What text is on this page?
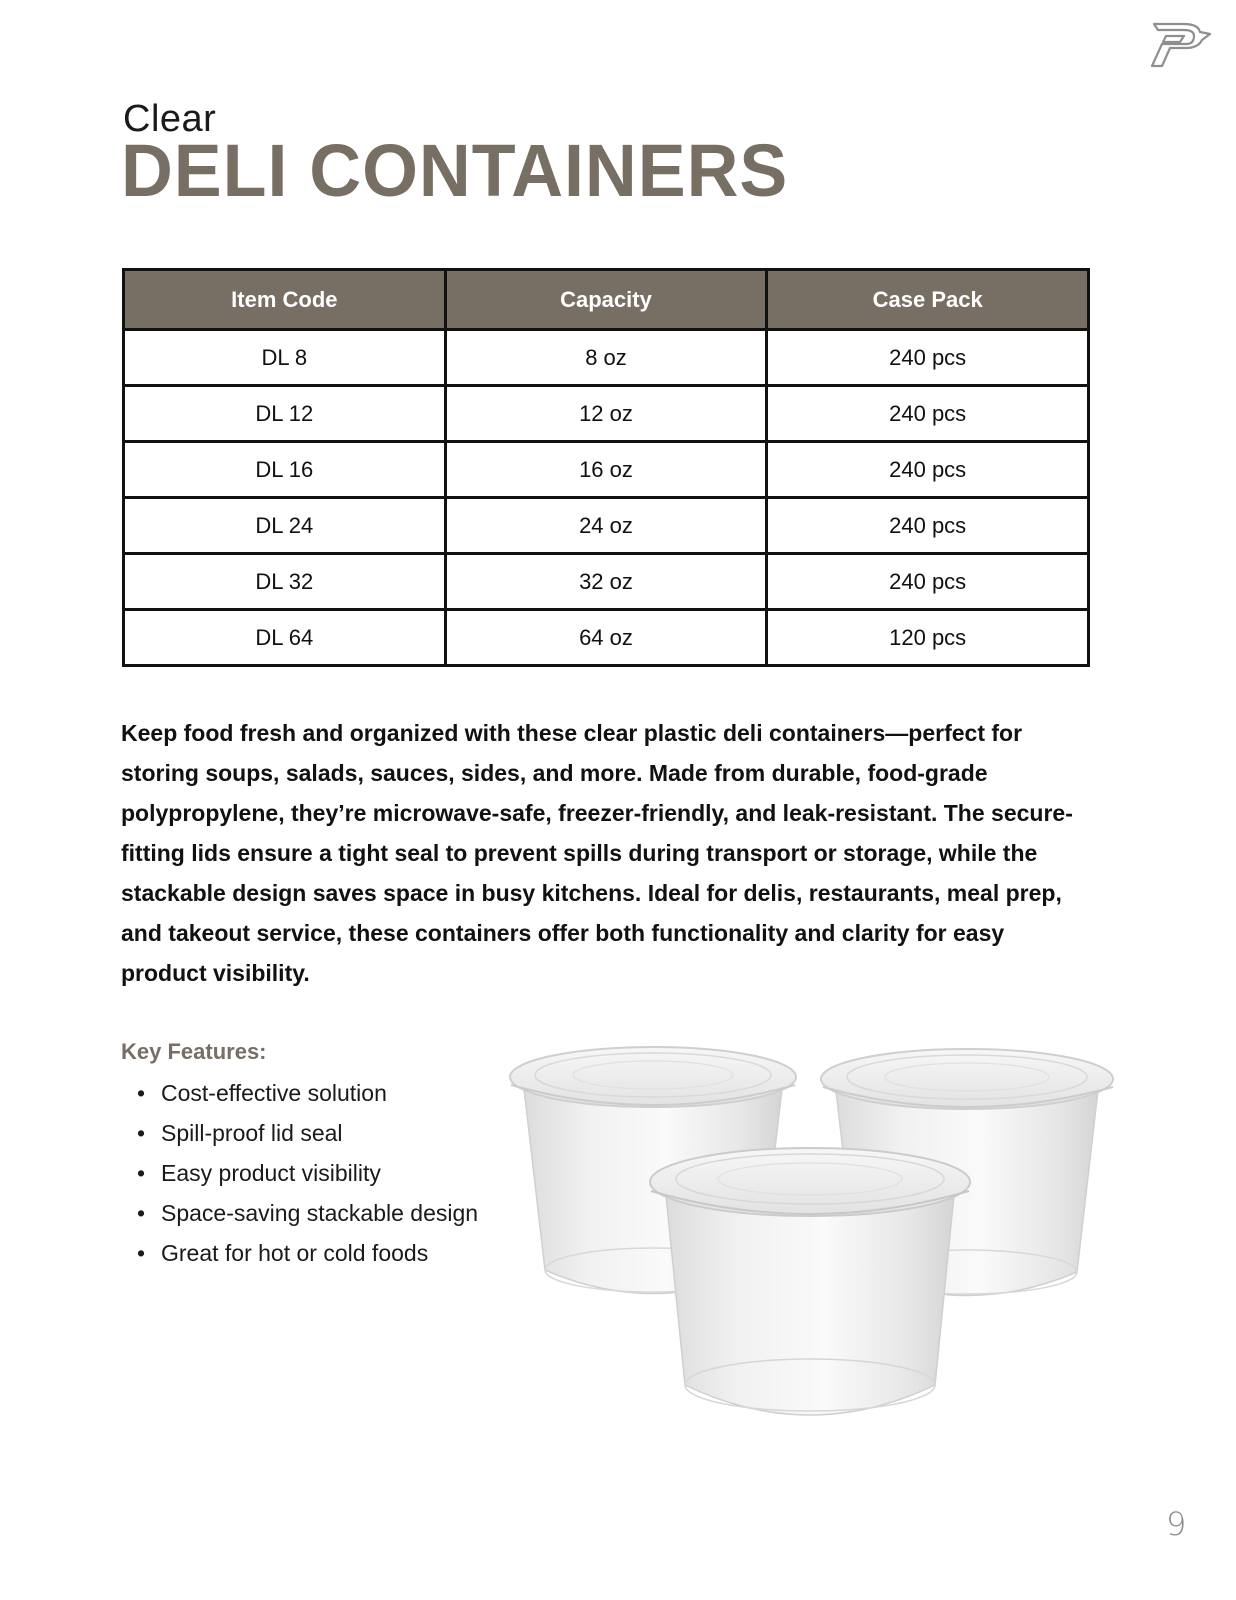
Clear
DELI CONTAINERS
Item Code	Capacity	Case Pack
DL 8	8 oz	240 pcs
DL 12	12 oz	240 pcs
DL 16	16 oz	240 pcs
DL 24	24 oz	240 pcs
DL 32	32 oz	240 pcs
DL 64	64 oz	120 pcs
Keep food fresh and organized with these clear plastic deli containers—perfect for storing soups, salads, sauces, sides, and more. Made from durable, food-grade polypropylene, they’re microwave-safe, freezer-friendly, and leak-resistant. The secure-fitting lids ensure a tight seal to prevent spills during transport or storage, while the stackable design saves space in busy kitchens. Ideal for delis, restaurants, meal prep, and takeout service, these containers offer both functionality and clarity for easy product visibility.
Key Features:
• Cost-effective solution
• Spill-proof lid seal
• Easy product visibility
• Space-saving stackable design
• Great for hot or cold foods
9
